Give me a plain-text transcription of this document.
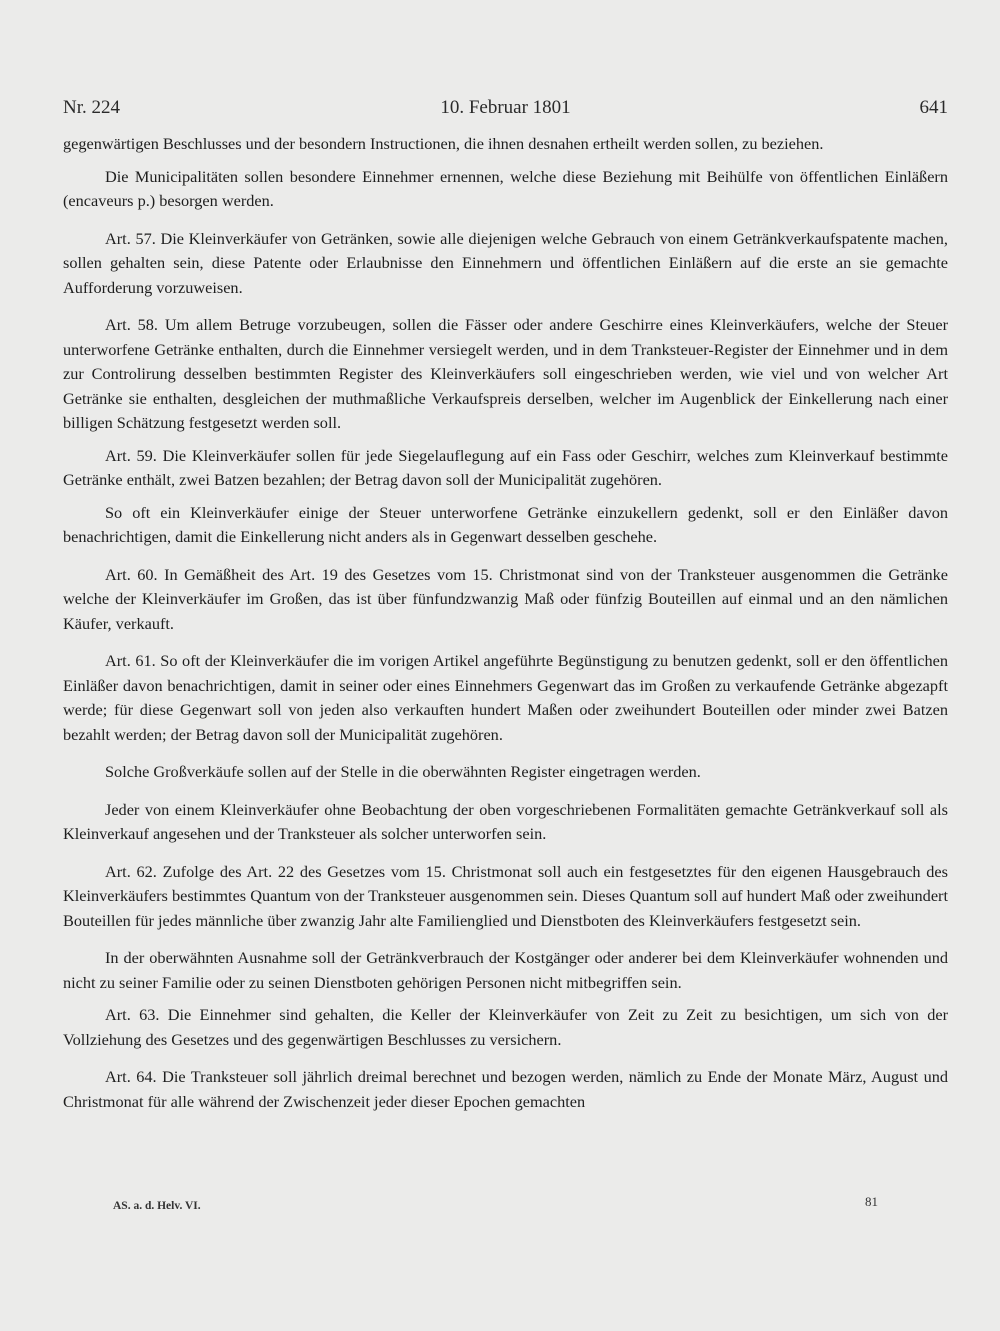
Nr. 224	10. Februar 1801	641

gegenwärtigen Beschlusses und der besondern Instructionen, die ihnen desnahen ertheilt werden sollen, zu beziehen.

Die Municipalitäten sollen besondere Einnehmer ernennen, welche diese Beziehung mit Beihülfe von öffentlichen Einläßern (encaveurs p.) besorgen werden.

Art. 57. Die Kleinverkäufer von Getränken, sowie alle diejenigen welche Gebrauch von einem Getränkverkaufspatente machen, sollen gehalten sein, diese Patente oder Erlaubnisse den Einnehmern und öffentlichen Einläßern auf die erste an sie gemachte Aufforderung vorzuweisen.

Art. 58. Um allem Betruge vorzubeugen, sollen die Fässer oder andere Geschirre eines Kleinverkäufers, welche der Steuer unterworfene Getränke enthalten, durch die Einnehmer versiegelt werden, und in dem Tranksteuer-Register der Einnehmer und in dem zur Controlirung desselben bestimmten Register des Kleinverkäufers soll eingeschrieben werden, wie viel und von welcher Art Getränke sie enthalten, desgleichen der muthmaßliche Verkaufspreis derselben, welcher im Augenblick der Einkellerung nach einer billigen Schätzung festgesetzt werden soll.

Art. 59. Die Kleinverkäufer sollen für jede Siegelauflegung auf ein Fass oder Geschirr, welches zum Kleinverkauf bestimmte Getränke enthält, zwei Batzen bezahlen; der Betrag davon soll der Municipalität zugehören.

So oft ein Kleinverkäufer einige der Steuer unterworfene Getränke einzukellern gedenkt, soll er den Einläßer davon benachrichtigen, damit die Einkellerung nicht anders als in Gegenwart desselben geschehe.

Art. 60. In Gemäßheit des Art. 19 des Gesetzes vom 15. Christmonat sind von der Tranksteuer ausgenommen die Getränke welche der Kleinverkäufer im Großen, das ist über fünfundzwanzig Maß oder fünfzig Bouteillen auf einmal und an den nämlichen Käufer, verkauft.

Art. 61. So oft der Kleinverkäufer die im vorigen Artikel angeführte Begünstigung zu benutzen gedenkt, soll er den öffentlichen Einläßer davon benachrichtigen, damit in seiner oder eines Einnehmers Gegenwart das im Großen zu verkaufende Getränke abgezapft werde; für diese Gegenwart soll von jeden also verkauften hundert Maßen oder zweihundert Bouteillen oder minder zwei Batzen bezahlt werden; der Betrag davon soll der Municipalität zugehören.

Solche Großverkäufe sollen auf der Stelle in die oberwähnten Register eingetragen werden.

Jeder von einem Kleinverkäufer ohne Beobachtung der oben vorgeschriebenen Formalitäten gemachte Getränkverkauf soll als Kleinverkauf angesehen und der Tranksteuer als solcher unterworfen sein.

Art. 62. Zufolge des Art. 22 des Gesetzes vom 15. Christmonat soll auch ein festgesetztes für den eigenen Hausgebrauch des Kleinverkäufers bestimmtes Quantum von der Tranksteuer ausgenommen sein. Dieses Quantum soll auf hundert Maß oder zweihundert Bouteillen für jedes männliche über zwanzig Jahr alte Familienglied und Dienstboten des Kleinverkäufers festgesetzt sein.

In der oberwähnten Ausnahme soll der Getränkverbrauch der Kostgänger oder anderer bei dem Kleinverkäufer wohnenden und nicht zu seiner Familie oder zu seinen Dienstboten gehörigen Personen nicht mitbegriffen sein.

Art. 63. Die Einnehmer sind gehalten, die Keller der Kleinverkäufer von Zeit zu Zeit zu besichtigen, um sich von der Vollziehung des Gesetzes und des gegenwärtigen Beschlusses zu versichern.

Art. 64. Die Tranksteuer soll jährlich dreimal berechnet und bezogen werden, nämlich zu Ende der Monate März, August und Christmonat für alle während der Zwischenzeit jeder dieser Epochen gemachten

AS. a. d. Helv. VI.	81
